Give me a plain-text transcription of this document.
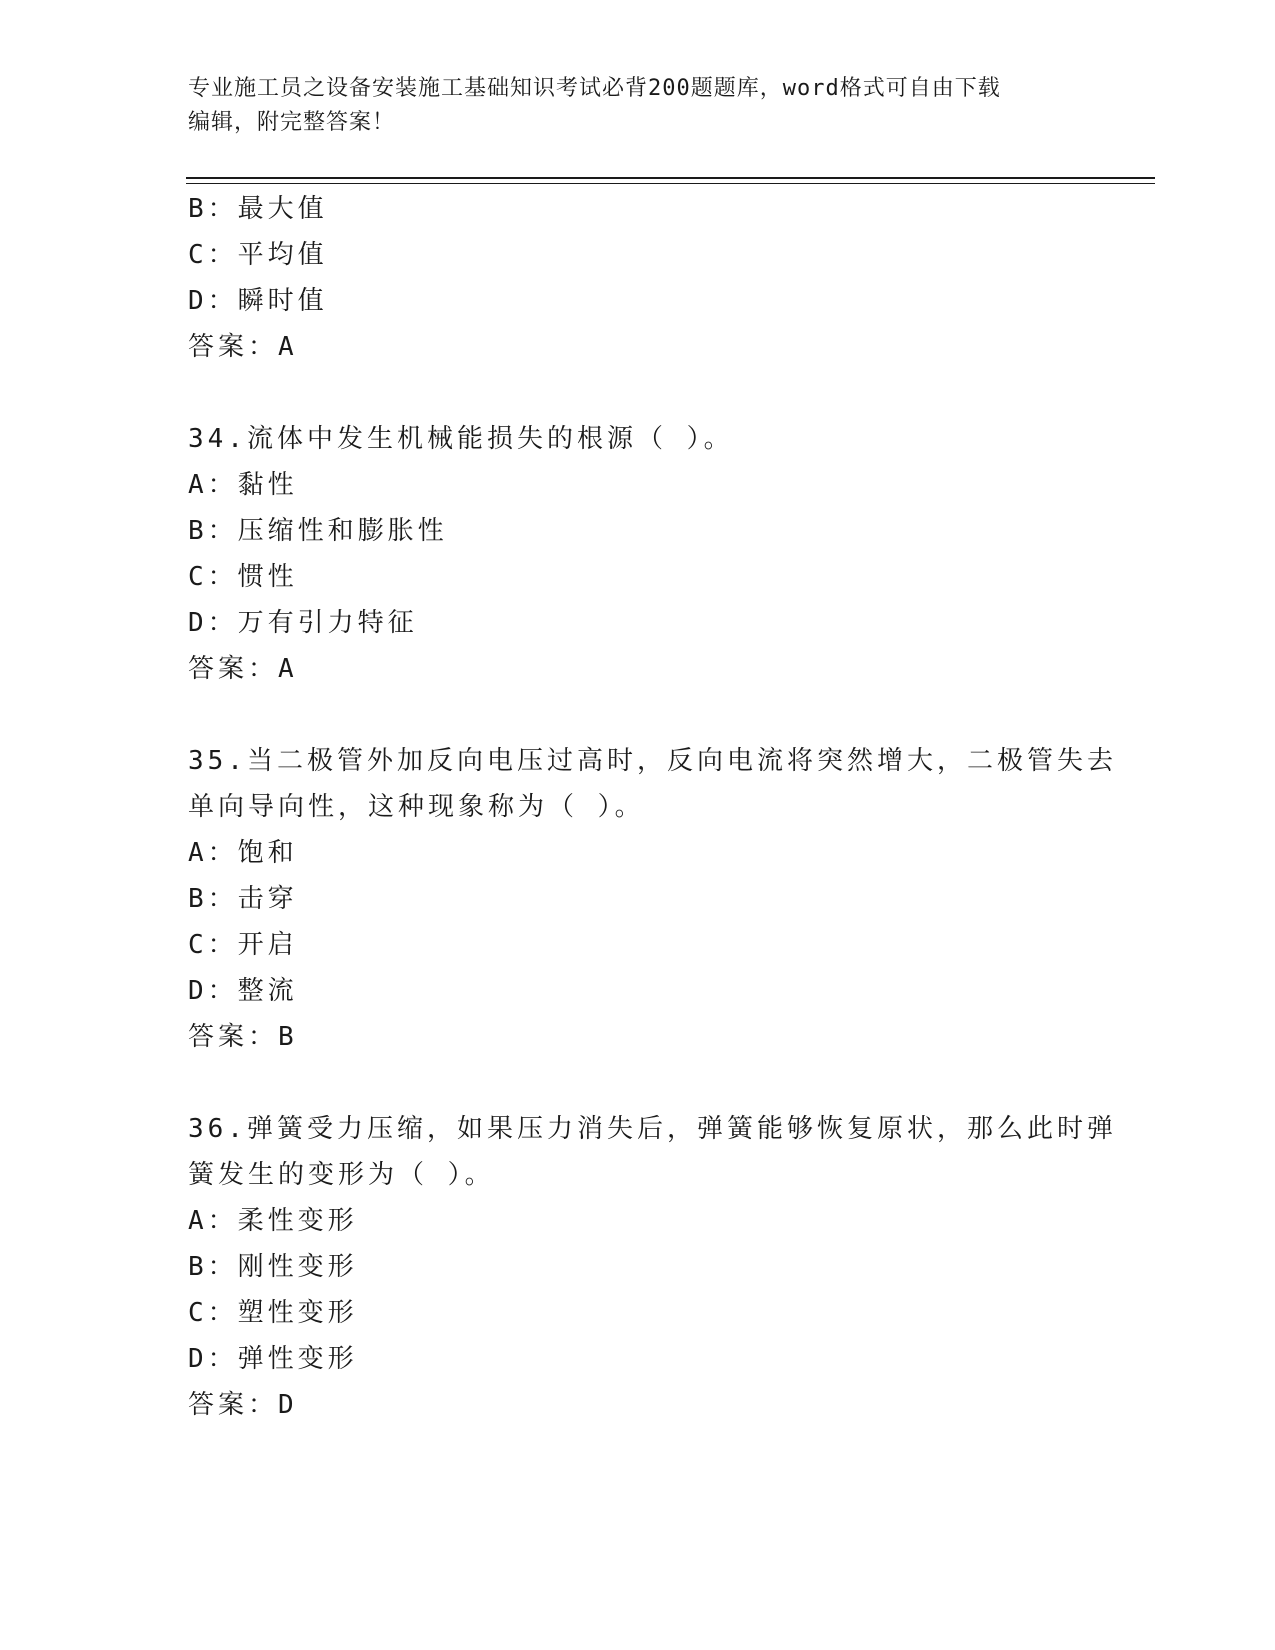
专业施工员之设备安装施工基础知识考试必背200题题库，word格式可自由下载
编辑，附完整答案！
B：最大值
C：平均值
D：瞬时值
答案：A
34.流体中发生机械能损失的根源（ ）。
A：黏性
B：压缩性和膨胀性
C：惯性
D：万有引力特征
答案：A
35.当二极管外加反向电压过高时，反向电流将突然增大，二极管失去
单向导向性，这种现象称为（ ）。
A：饱和
B：击穿
C：开启
D：整流
答案：B
36.弹簧受力压缩，如果压力消失后，弹簧能够恢复原状，那么此时弹
簧发生的变形为（ ）。
A：柔性变形
B：刚性变形
C：塑性变形
D：弹性变形
答案：D
